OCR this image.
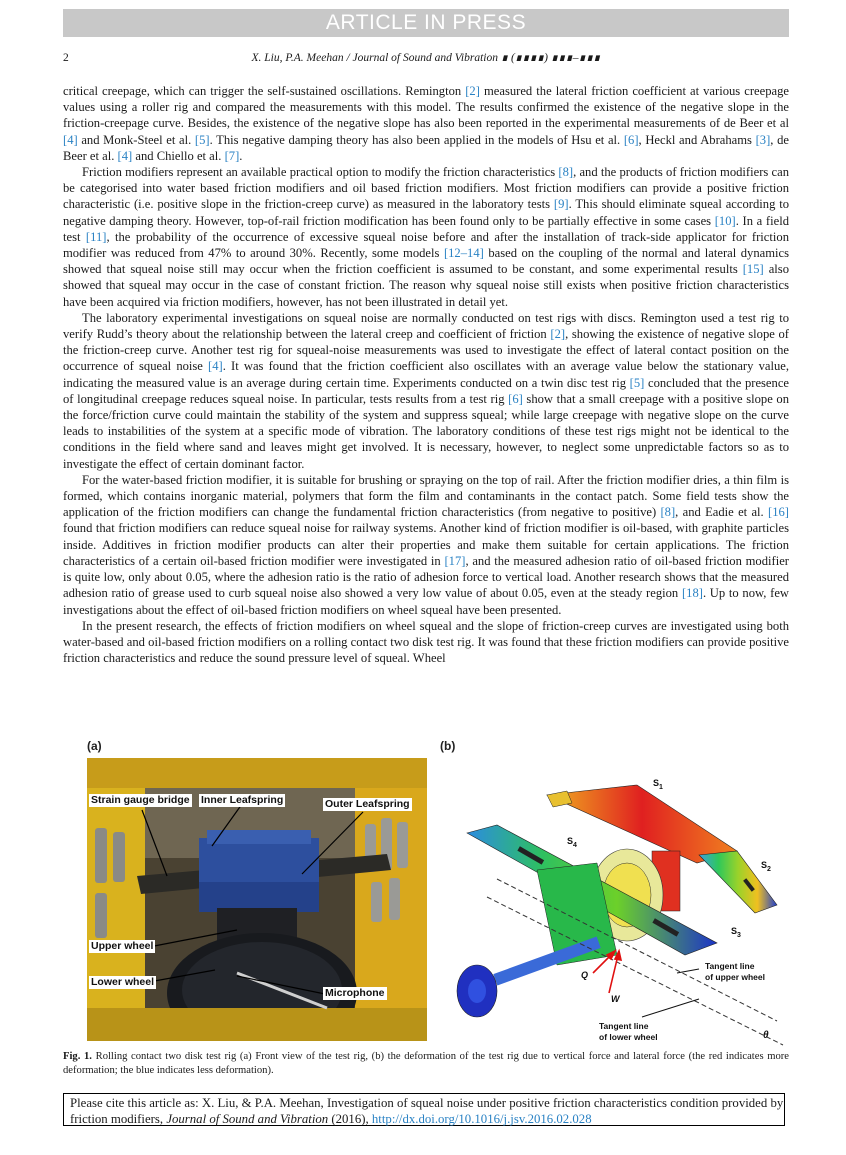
ARTICLE IN PRESS
2	X. Liu, P.A. Meehan / Journal of Sound and Vibration ∎ (∎∎∎∎) ∎∎∎–∎∎∎

critical creepage, which can trigger the self-sustained oscillations. Remington [2] measured the lateral friction coefficient at various creepage values using a roller rig and compared the measurements with this model. The results confirmed the existence of the negative slope in the friction-creepage curve. Besides, the existence of the negative slope has also been reported in the experimental measurements of de Beer et al [4] and Monk-Steel et al. [5]. This negative damping theory has also been applied in the models of Hsu et al. [6], Heckl and Abrahams [3], de Beer et al. [4] and Chiello et al. [7].

Friction modifiers represent an available practical option to modify the friction characteristics [8], and the products of friction modifiers can be categorised into water based friction modifiers and oil based friction modifiers. Most friction modifiers can provide a positive friction characteristic (i.e. positive slope in the friction-creep curve) as measured in the laboratory tests [9]. This should eliminate squeal according to negative damping theory. However, top-of-rail friction modification has been found only to be partially effective in some cases [10]. In a field test [11], the probability of the occurrence of excessive squeal noise before and after the installation of track-side applicator for friction modifier was reduced from 47% to around 30%. Recently, some models [12–14] based on the coupling of the normal and lateral dynamics showed that squeal noise still may occur when the friction coefficient is assumed to be constant, and some experimental results [15] also showed that squeal may occur in the case of constant friction. The reason why squeal noise still exists when positive friction characteristics have been acquired via friction modifiers, however, has not been illustrated in detail yet.

The laboratory experimental investigations on squeal noise are normally conducted on test rigs with discs. Remington used a test rig to verify Rudd’s theory about the relationship between the lateral creep and coefficient of friction [2], showing the existence of negative slope of the friction-creep curve. Another test rig for squeal-noise measurements was used to investigate the effect of lateral contact position on the occurrence of squeal noise [4]. It was found that the friction coefficient also oscillates with an average value below the stationary value, indicating the measured value is an average during certain time. Experiments conducted on a twin disc test rig [5] concluded that the presence of longitudinal creepage reduces squeal noise. In particular, tests results from a test rig [6] show that a small creepage with a positive slope on the force/friction curve could maintain the stability of the system and suppress squeal; while large creepage with negative slope on the curve leads to instabilities of the system at a specific mode of vibration. The laboratory conditions of these test rigs might not be identical to the conditions in the field where sand and leaves might get involved. It is necessary, however, to neglect some unpredictable factors so as to investigate the effect of certain dominant factor.

For the water-based friction modifier, it is suitable for brushing or spraying on the top of rail. After the friction modifier dries, a thin film is formed, which contains inorganic material, polymers that form the film and contaminants in the contact patch. Some field tests show the application of the friction modifiers can change the fundamental friction characteristics (from negative to positive) [8], and Eadie et al. [16] found that friction modifiers can reduce squeal noise for railway systems. Another kind of friction modifier is oil-based, with graphite particles inside. Additives in friction modifier products can alter their properties and make them suitable for certain applications. The friction characteristics of a certain oil-based friction modifier were investigated in [17], and the measured adhesion ratio of oil-based friction modifier is quite low, only about 0.05, where the adhesion ratio is the ratio of adhesion force to vertical load. Another research shows that the measured adhesion ratio of grease used to curb squeal noise also showed a very low value of about 0.05, even at the steady region [18]. Up to now, few investigations about the effect of oil-based friction modifiers on wheel squeal have been presented.

In the present research, the effects of friction modifiers on wheel squeal and the slope of friction-creep curves are investigated using both water-based and oil-based friction modifiers on a rolling contact two disk test rig. It was found that these friction modifiers can provide positive friction characteristics and reduce the sound pressure level of squeal. Wheel

(a)	(b)
Strain gauge bridge Inner Leafspring	Outer Leafspring
Upper wheel
Lower wheel
Microphone
$S_1$
$S_2$
$S_3$
$S_4$
Q
W
Tangent line
of upper wheel
Tangent line
of lower wheel	θ
Fig. 1. Rolling contact two disk test rig (a) Front view of the test rig, (b) the deformation of the test rig due to vertical force and lateral force (the red indicates more deformation; the blue indicates less deformation).
Please cite this article as: X. Liu, & P.A. Meehan, Investigation of squeal noise under positive friction characteristics condition provided by friction modifiers, Journal of Sound and Vibration (2016), http://dx.doi.org/10.1016/j.jsv.2016.02.028
